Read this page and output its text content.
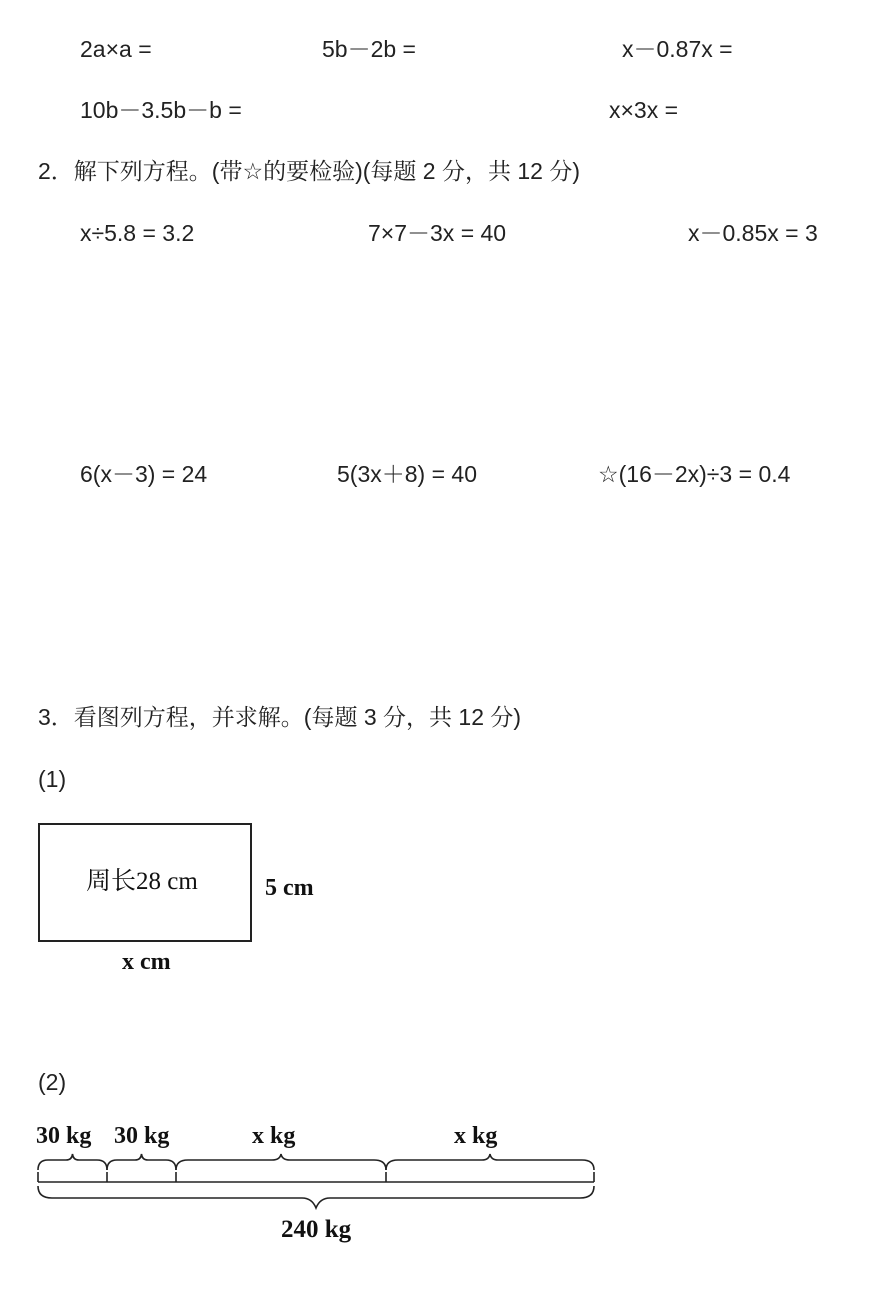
2a×a =	5b－2b =	x－0.87x =
10b－3.5b－b =	x×3x =
2．解下列方程。(带☆的要检验)(每题 2 分，共 12 分)
x÷5.8 = 3.2	7×7－3x = 40	x－0.85x = 3
6(x－3) = 24	5(3x＋8) = 40	☆(16－2x)÷3 = 0.4
3．看图列方程，并求解。(每题 3 分，共 12 分)
(1)
周长28 cm	5 cm
x cm
(2)
30 kg 30 kg	x kg	x kg
240 kg
